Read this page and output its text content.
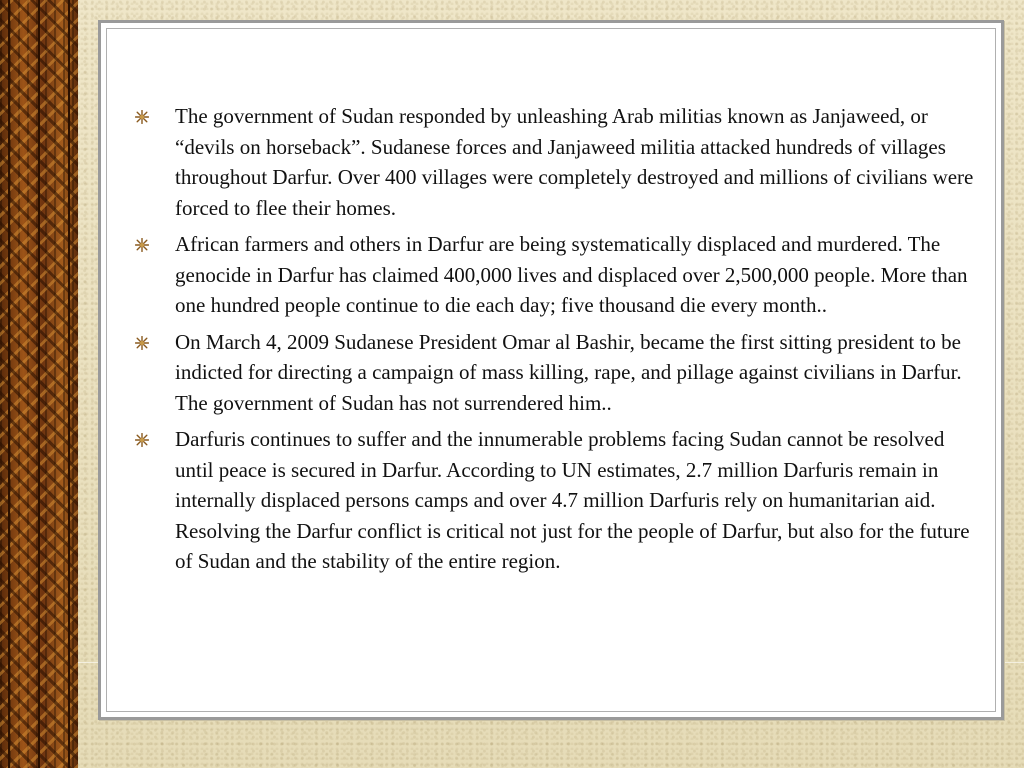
The government of Sudan responded by unleashing Arab militias known as Janjaweed, or “devils on horseback”. Sudanese forces and Janjaweed militia attacked hundreds of villages throughout Darfur. Over 400 villages were completely destroyed and millions of civilians were forced to flee their homes.
African farmers and others in Darfur are being systematically displaced and murdered. The genocide in Darfur has claimed 400,000 lives and displaced over 2,500,000 people. More than one hundred people continue to die each day; five thousand die every month..
On March 4, 2009 Sudanese President Omar al Bashir, became the first sitting president to be indicted for directing a campaign of mass killing, rape, and pillage against civilians in Darfur. The government of Sudan has not surrendered him..
Darfuris continues to suffer and the innumerable problems facing Sudan cannot be resolved until peace is secured in Darfur. According to UN estimates, 2.7 million Darfuris remain in internally displaced persons camps and over 4.7 million Darfuris rely on humanitarian aid. Resolving the Darfur conflict is critical not just for the people of Darfur, but also for the future of Sudan and the stability of the entire region.
